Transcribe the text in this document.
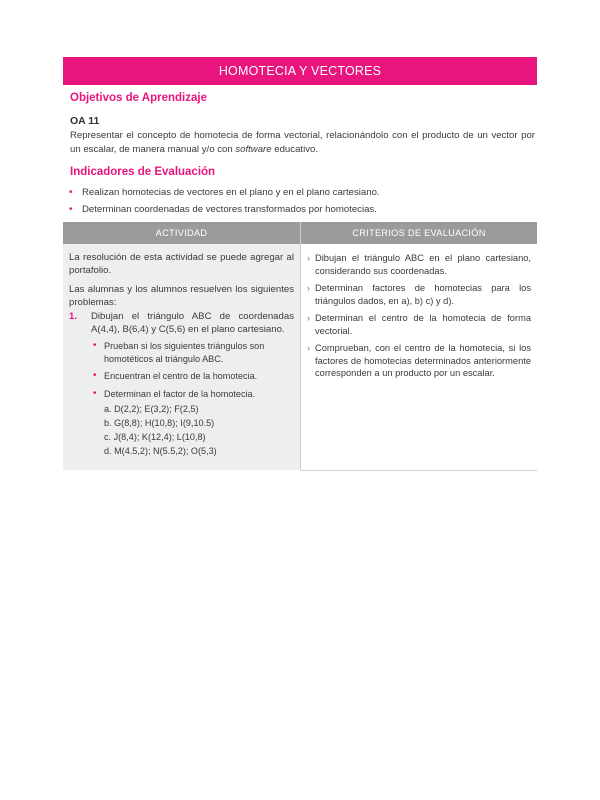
HOMOTECIA Y VECTORES
Objetivos de Aprendizaje
OA 11

Representar el concepto de homotecia de forma vectorial, relacionándolo con el producto de un vector por un escalar, de manera manual y/o con software educativo.

Indicadores de Evaluación
• Realizan homotecias de vectores en el plano y en el plano cartesiano.
• Determinan coordenadas de vectores transformados por homotecias.
ACTIVIDAD	CRITERIOS DE EVALUACIÓN

La resolución de esta actividad se puede agregar al portafolio.

Las alumnas y los alumnos resuelven los siguientes problemas:

1. Dibujan el triángulo ABC de coordenadas A(4,4), B(6,4) y C(5,6) en el plano cartesiano.
• Prueban si los siguientes triángulos son homotéticos al triángulo ABC.
• Encuentran el centro de la homotecia.
• Determinan el factor de la homotecia.
a. D(2,2); E(3,2); F(2,5)
b. G(8,8); H(10,8); I(9,10.5)
c. J(8,4); K(12,4); L(10,8)
d. M(4.5,2); N(5.5,2); O(5,3)
› Dibujan el triángulo ABC en el plano cartesiano, considerando sus coordenadas.
› Determinan factores de homotecias para los triángulos dados, en a), b) c) y d).
› Determinan el centro de la homotecia de forma vectorial.
› Comprueban, con el centro de la homotecia, si los factores de homotecias determinados anteriormente corresponden a un producto por un escalar.
